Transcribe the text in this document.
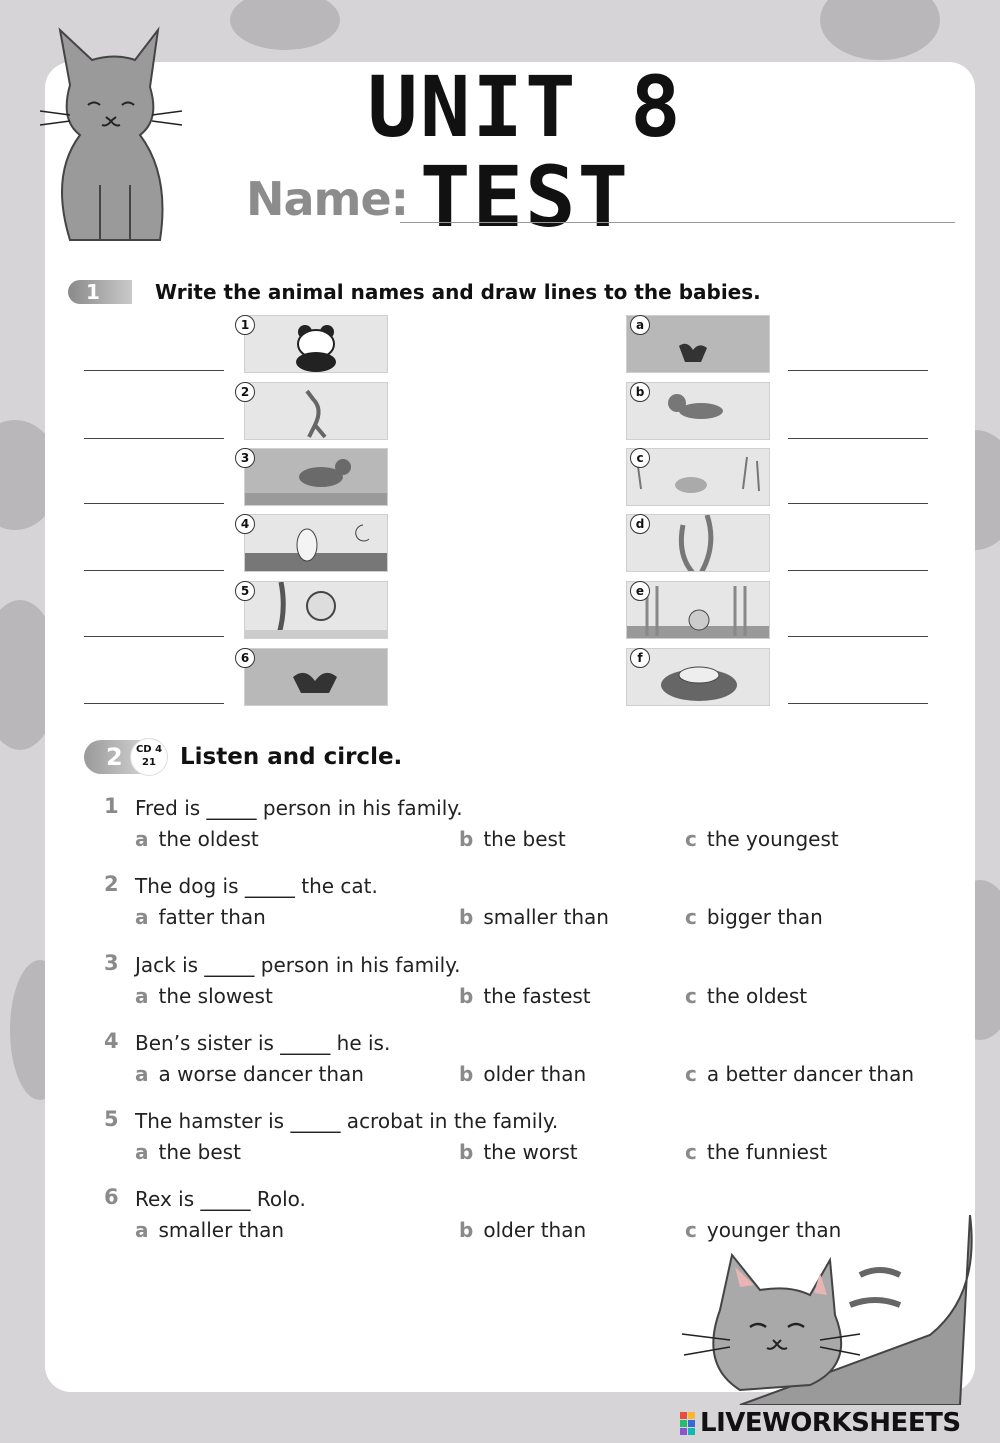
UNIT 8 TEST
Name:
1	Write the animal names and draw lines to the babies.
1
2
3
4
5
6
a
b
c
d
e
f
2	CD 4
21	Listen and circle.
1 Fred is _____ person in his family.
a the oldest	b the best	c the youngest
2 The dog is _____ the cat.
a fatter than	b smaller than	c bigger than
3 Jack is _____ person in his family.
a the slowest	b the fastest	c the oldest
4 Ben’s sister is _____ he is.
a a worse dancer than	b older than	c a better dancer than
5 The hamster is _____ acrobat in the family.
a the best	b the worst	c the funniest
6 Rex is _____ Rolo.
a smaller than	b older than	c younger than
LIVEWORKSHEETS
